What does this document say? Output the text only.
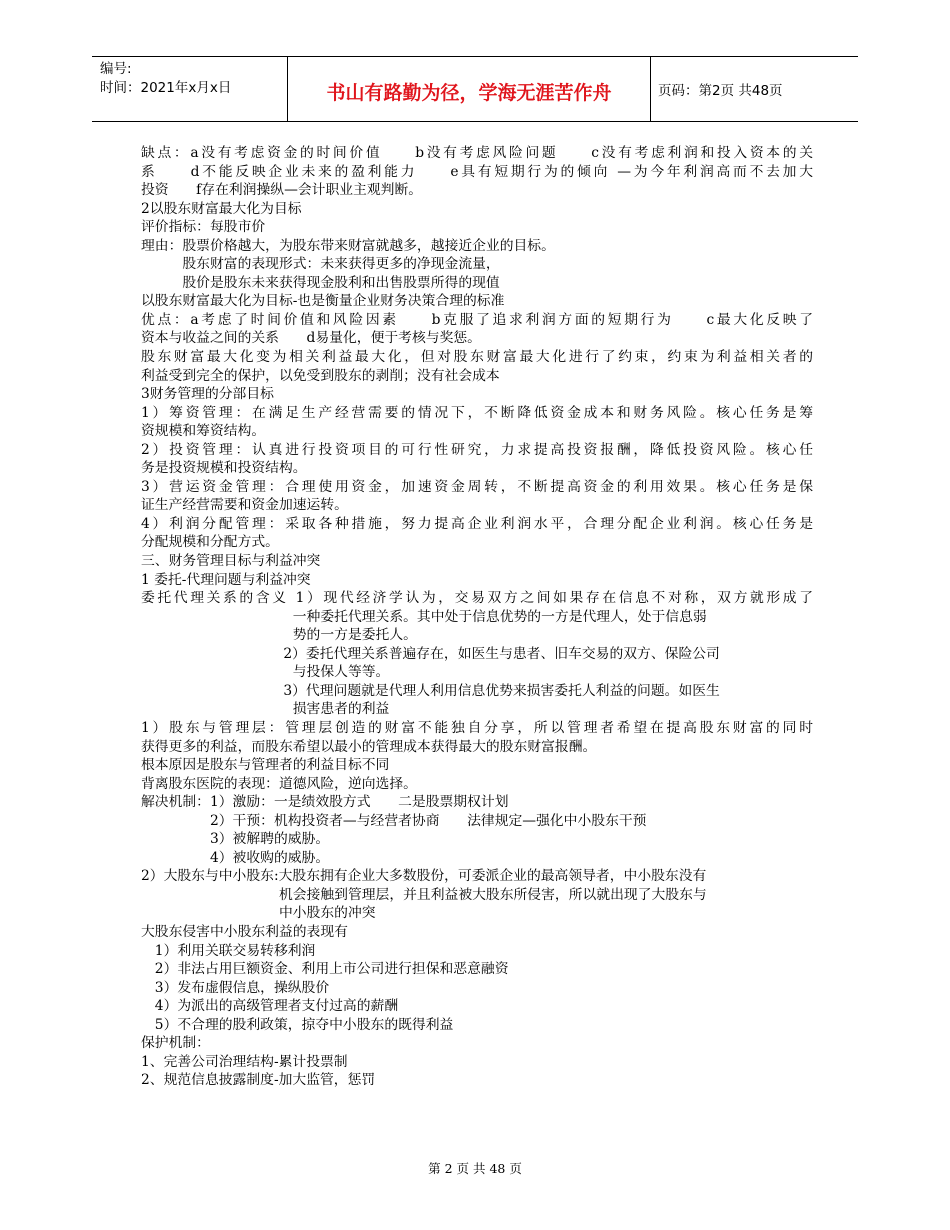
编号:
时间：2021年x月x日	书山有路勤为径，学海无涯苦作舟	页码：第2页 共48页
缺点：a没有考虑资金的时间价值　　b没有考虑风险问题　　c没有考虑利润和投入资本的关
系　　d不能反映企业未来的盈利能力　　e具有短期行为的倾向 —为今年利润高而不去加大
投资　　f存在利润操纵—会计职业主观判断。
2以股东财富最大化为目标
评价指标：每股市价
理由：股票价格越大，为股东带来财富就越多，越接近企业的目标。
　　　股东财富的表现形式：未来获得更多的净现金流量，
　　　股价是股东未来获得现金股利和出售股票所得的现值
以股东财富最大化为目标-也是衡量企业财务决策合理的标准
优点：a考虑了时间价值和风险因素　　b克服了追求利润方面的短期行为　　c最大化反映了
资本与收益之间的关系　　d易量化，便于考核与奖惩。
股东财富最大化变为相关利益最大化，但对股东财富最大化进行了约束，约束为利益相关者的
利益受到完全的保护，以免受到股东的剥削；没有社会成本
3财务管理的分部目标
1）筹资管理：在满足生产经营需要的情况下，不断降低资金成本和财务风险。核心任务是筹
资规模和筹资结构。
2）投资管理：认真进行投资项目的可行性研究，力求提高投资报酬，降低投资风险。核心任
务是投资规模和投资结构。
3）营运资金管理：合理使用资金，加速资金周转，不断提高资金的利用效果。核心任务是保
证生产经营需要和资金加速运转。
4）利润分配管理：采取各种措施，努力提高企业利润水平，合理分配企业利润。核心任务是
分配规模和分配方式。
三、财务管理目标与利益冲突
1 委托-代理问题与利益冲突
委托代理关系的含义 1）现代经济学认为，交易双方之间如果存在信息不对称，双方就形成了
　　　　　　　　　　　一种委托代理关系。其中处于信息优势的一方是代理人，处于信息弱
　　　　　　　　　　　势的一方是委托人。
　　　　　　　　　　 2）委托代理关系普遍存在，如医生与患者、旧车交易的双方、保险公司
　　　　　　　　　　　与投保人等等。
　　　　　　　　　　 3）代理问题就是代理人利用信息优势来损害委托人利益的问题。如医生
　　　　　　　　　　　损害患者的利益
1）股东与管理层：管理层创造的财富不能独自分享，所以管理者希望在提高股东财富的同时
获得更多的利益，而股东希望以最小的管理成本获得最大的股东财富报酬。
根本原因是股东与管理者的利益目标不同
背离股东医院的表现：道德风险，逆向选择。
解决机制：1）激励：一是绩效股方式　　二是股票期权计划
　　　　　2）干预：机构投资者—与经营者协商　　法律规定—强化中小股东干预
　　　　　3）被解聘的威胁。
　　　　　4）被收购的威胁。
2）大股东与中小股东:大股东拥有企业大多数股份，可委派企业的最高领导者，中小股东没有
　　　　　　　　　　机会接触到管理层，并且利益被大股东所侵害，所以就出现了大股东与
　　　　　　　　　　中小股东的冲突
大股东侵害中小股东利益的表现有
　1）利用关联交易转移利润
　2）非法占用巨额资金、利用上市公司进行担保和恶意融资
　3）发布虚假信息，操纵股价
　4）为派出的高级管理者支付过高的薪酬
　5）不合理的股利政策，掠夺中小股东的既得利益
保护机制：
1、完善公司治理结构-累计投票制
2、规范信息披露制度-加大监管，惩罚
第 2 页 共 48 页
